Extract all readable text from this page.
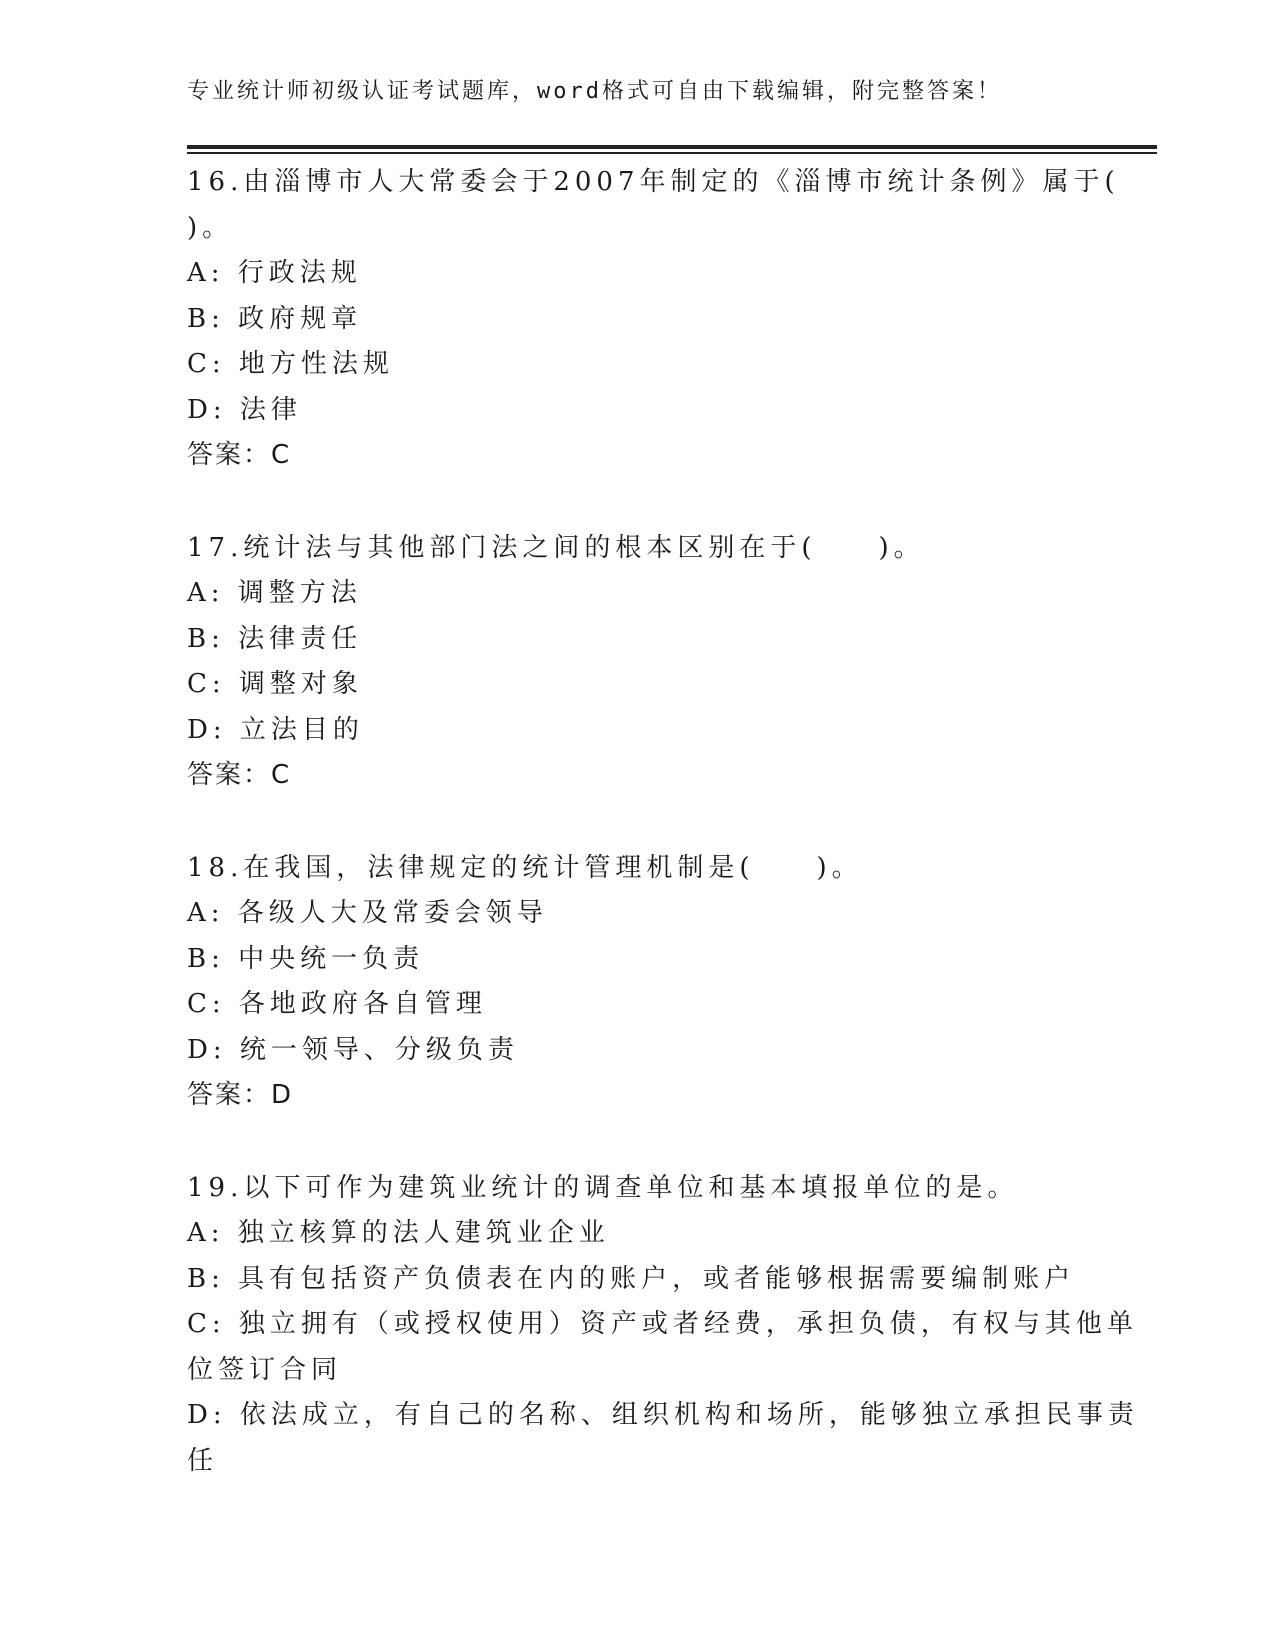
专业统计师初级认证考试题库，word格式可自由下载编辑，附完整答案！
16.由淄博市人大常委会于2007年制定的《淄博市统计条例》属于(
)。
A: 行政法规
B: 政府规章
C: 地方性法规
D: 法律
答案：C
17.统计法与其他部门法之间的根本区别在于(　　)。
A: 调整方法
B: 法律责任
C: 调整对象
D: 立法目的
答案：C
18.在我国，法律规定的统计管理机制是(　　)。
A: 各级人大及常委会领导
B: 中央统一负责
C: 各地政府各自管理
D: 统一领导、分级负责
答案：D
19.以下可作为建筑业统计的调查单位和基本填报单位的是。
A: 独立核算的法人建筑业企业
B: 具有包括资产负债表在内的账户，或者能够根据需要编制账户
C: 独立拥有（或授权使用）资产或者经费，承担负债，有权与其他单
位签订合同
D: 依法成立，有自己的名称、组织机构和场所，能够独立承担民事责
任
